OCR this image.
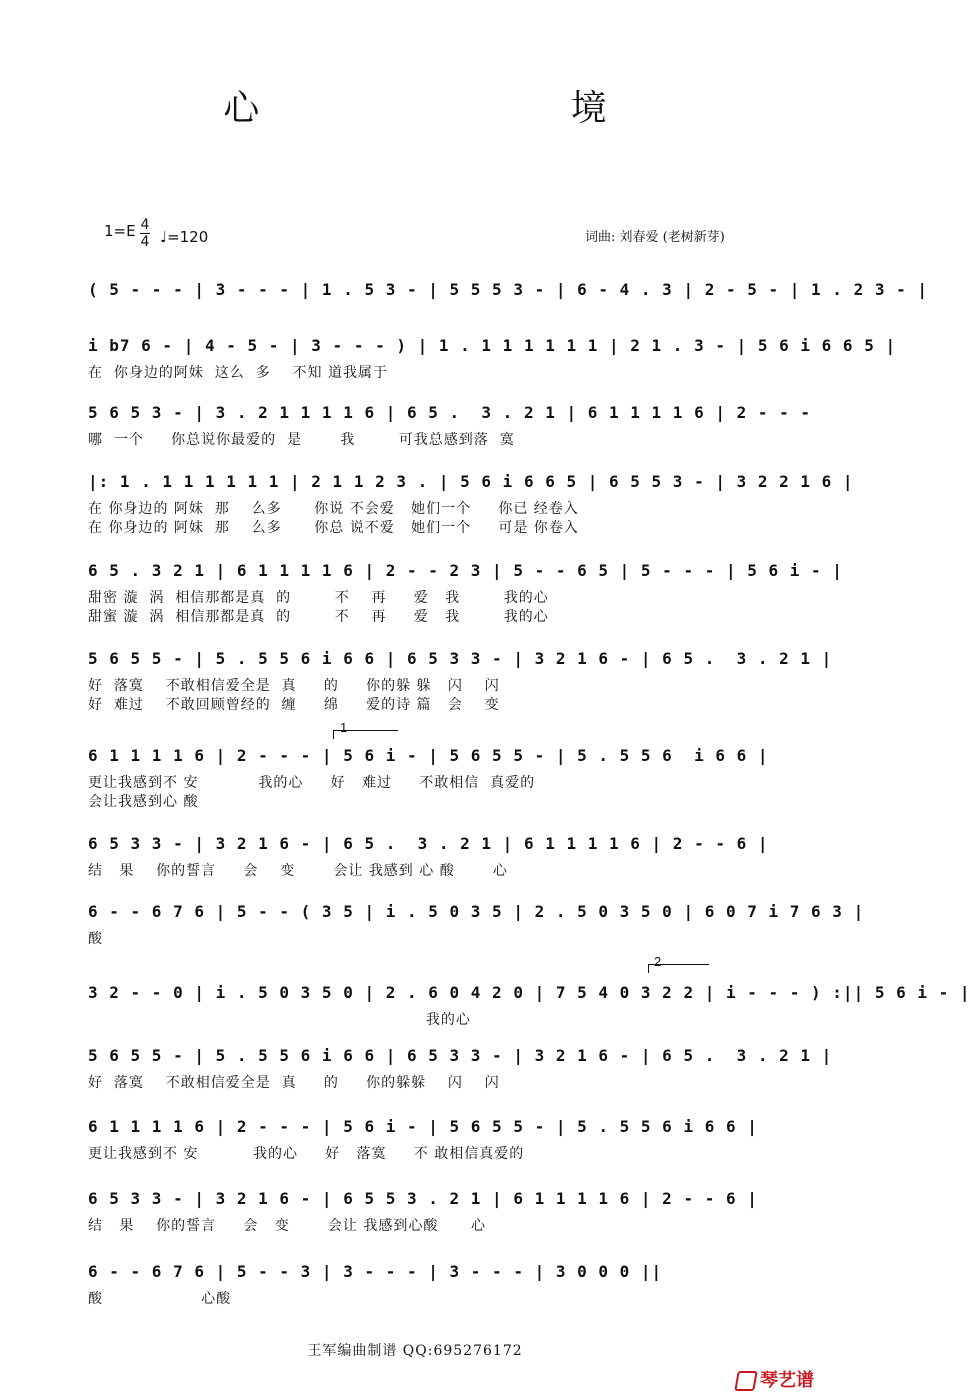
心 境
1=E 4
4 ♩=120	词曲: 刘春爱 (老树新芽)
( 5 - - - | 3 - - - | 1 . 5 3 - | 5 5 5 3 - | 6 - 4 . 3 | 2 - 5 - | 1 . 2 3 - |
i b7 6 - | 4 - 5 - | 3 - - - ) | 1 . 1 1 1 1 1 1 | 2 1 . 3 - | 5 6 i 6 6 5 |
在  你身边的阿妹  这么  多    不知 道我属于
5 6 5 3 - | 3 . 2 1 1 1 1 6 | 6 5 .  3 . 2 1 | 6 1 1 1 1 6 | 2 - - -
哪  一个     你总说你最爱的  是       我        可我总感到落  寞
|: 1 . 1 1 1 1 1 1 | 2 1 1 2 3 . | 5 6 i 6 6 5 | 6 5 5 3 - | 3 2 2 1 6 |
在 你身边的 阿妹  那    么多      你说 不会爱   她们一个     你已 经卷入
在 你身边的 阿妹  那    么多      你总 说不爱   她们一个     可是 你卷入
6 5 . 3 2 1 | 6 1 1 1 1 6 | 2 - - 2 3 | 5 - - 6 5 | 5 - - - | 5 6 i - |
甜密 漩  涡  相信那都是真  的        不    再     爱   我        我的心
甜蜜 漩  涡  相信那都是真  的        不    再     爱   我        我的心
5 6 5 5 - | 5 . 5 5 6 i 6 6 | 6 5 3 3 - | 3 2 1 6 - | 6 5 .  3 . 2 1 |
好  落寞    不敢相信爱全是  真     的     你的躲 躲   闪    闪
好  难过    不敢回顾曾经的  缠     绵     爱的诗 篇   会    变
6 1 1 1 1 6 | 2 - - - | 5 6 i - | 5 6 5 5 - | 5 . 5 5 6  i 6 6 |
更让我感到不 安           我的心     好   难过     不敢相信  真爱的
会让我感到心 酸
6 5 3 3 - | 3 2 1 6 - | 6 5 .  3 . 2 1 | 6 1 1 1 1 6 | 2 - - 6 |
结   果    你的誓言     会    变       会让 我感到 心 酸       心
6 - - 6 7 6 | 5 - - ( 3 5 | i . 5 0 3 5 | 2 . 5 0 3 5 0 | 6 0 7 i 7 6 3 |
酸
3 2 - - 0 | i . 5 0 3 5 0 | 2 . 6 0 4 2 0 | 7 5 4 0 3 2 2 | i - - - ) :|| 5 6 i - |
我的心
5 6 5 5 - | 5 . 5 5 6 i 6 6 | 6 5 3 3 - | 3 2 1 6 - | 6 5 .  3 . 2 1 |
好  落寞    不敢相信爱全是  真     的     你的躲躲    闪    闪
6 1 1 1 1 6 | 2 - - - | 5 6 i - | 5 6 5 5 - | 5 . 5 5 6 i 6 6 |
更让我感到不 安          我的心     好   落寞     不 敢相信真爱的
6 5 3 3 - | 3 2 1 6 - | 6 5 5 3 . 2 1 | 6 1 1 1 1 6 | 2 - - 6 |
结   果    你的誓言     会   变       会让 我感到心酸      心
6 - - 6 7 6 | 5 - - 3 | 3 - - - | 3 - - - | 3 0 0 0 ||
酸                  心酸
1
2
王军编曲制谱 QQ:695276172
琴艺谱
